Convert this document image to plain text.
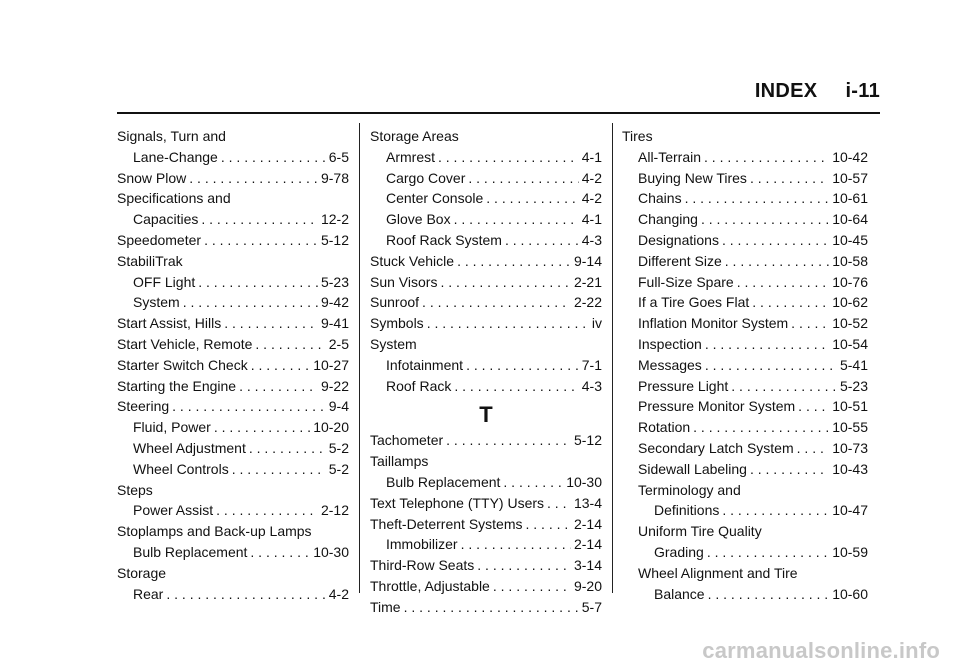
INDEX i-11
Signals, Turn and
Lane-Change . . .	6-5
Snow Plow . . .	9-78
Specifications and
Capacities . . .	12-2
Speedometer . . .	5-12
StabiliTrak
OFF Light . . .	5-23
System . . .	9-42
Start Assist, Hills . . .	9-41
Start Vehicle, Remote . . .	2-5
Starter Switch Check . . .	10-27
Starting the Engine . . .	9-22
Steering . . .	9-4
Fluid, Power . . .	10-20
Wheel Adjustment . . .	5-2
Wheel Controls . . .	5-2
Steps
Power Assist . . .	2-12
Stoplamps and Back-up Lamps
Bulb Replacement . . .	10-30
Storage
Rear . . .	4-2
Storage Areas
Armrest . . .	4-1
Cargo Cover . . .	4-2
Center Console . . .	4-2
Glove Box . . .	4-1
Roof Rack System . . .	4-3
Stuck Vehicle . . .	9-14
Sun Visors . . .	2-21
Sunroof . . .	2-22
Symbols . . .	iv
System
Infotainment . . .	7-1
Roof Rack . . .	4-3
T
Tachometer . . .	5-12
Taillamps
Bulb Replacement . . .	10-30
Text Telephone (TTY) Users . . . 13-4
Theft-Deterrent Systems . . .	2-14
Immobilizer . . .	2-14
Third-Row Seats . . .	3-14
Throttle, Adjustable . . .	9-20
Time . . .	5-7
Tires
All-Terrain . . .	10-42
Buying New Tires . . .	10-57
Chains . . .	10-61
Changing . . .	10-64
Designations . . .	10-45
Different Size . . .	10-58
Full-Size Spare . . .	10-76
If a Tire Goes Flat . . .	10-62
Inflation Monitor System . . .	10-52
Inspection . . .	10-54
Messages . . .	5-41
Pressure Light . . .	5-23
Pressure Monitor System . . .	10-51
Rotation . . .	10-55
Secondary Latch System . . .	10-73
Sidewall Labeling . . .	10-43
Terminology and
Definitions . . .	10-47
Uniform Tire Quality
Grading . . .	10-59
Wheel Alignment and Tire
Balance . . .	10-60
carmanualsonline.info
